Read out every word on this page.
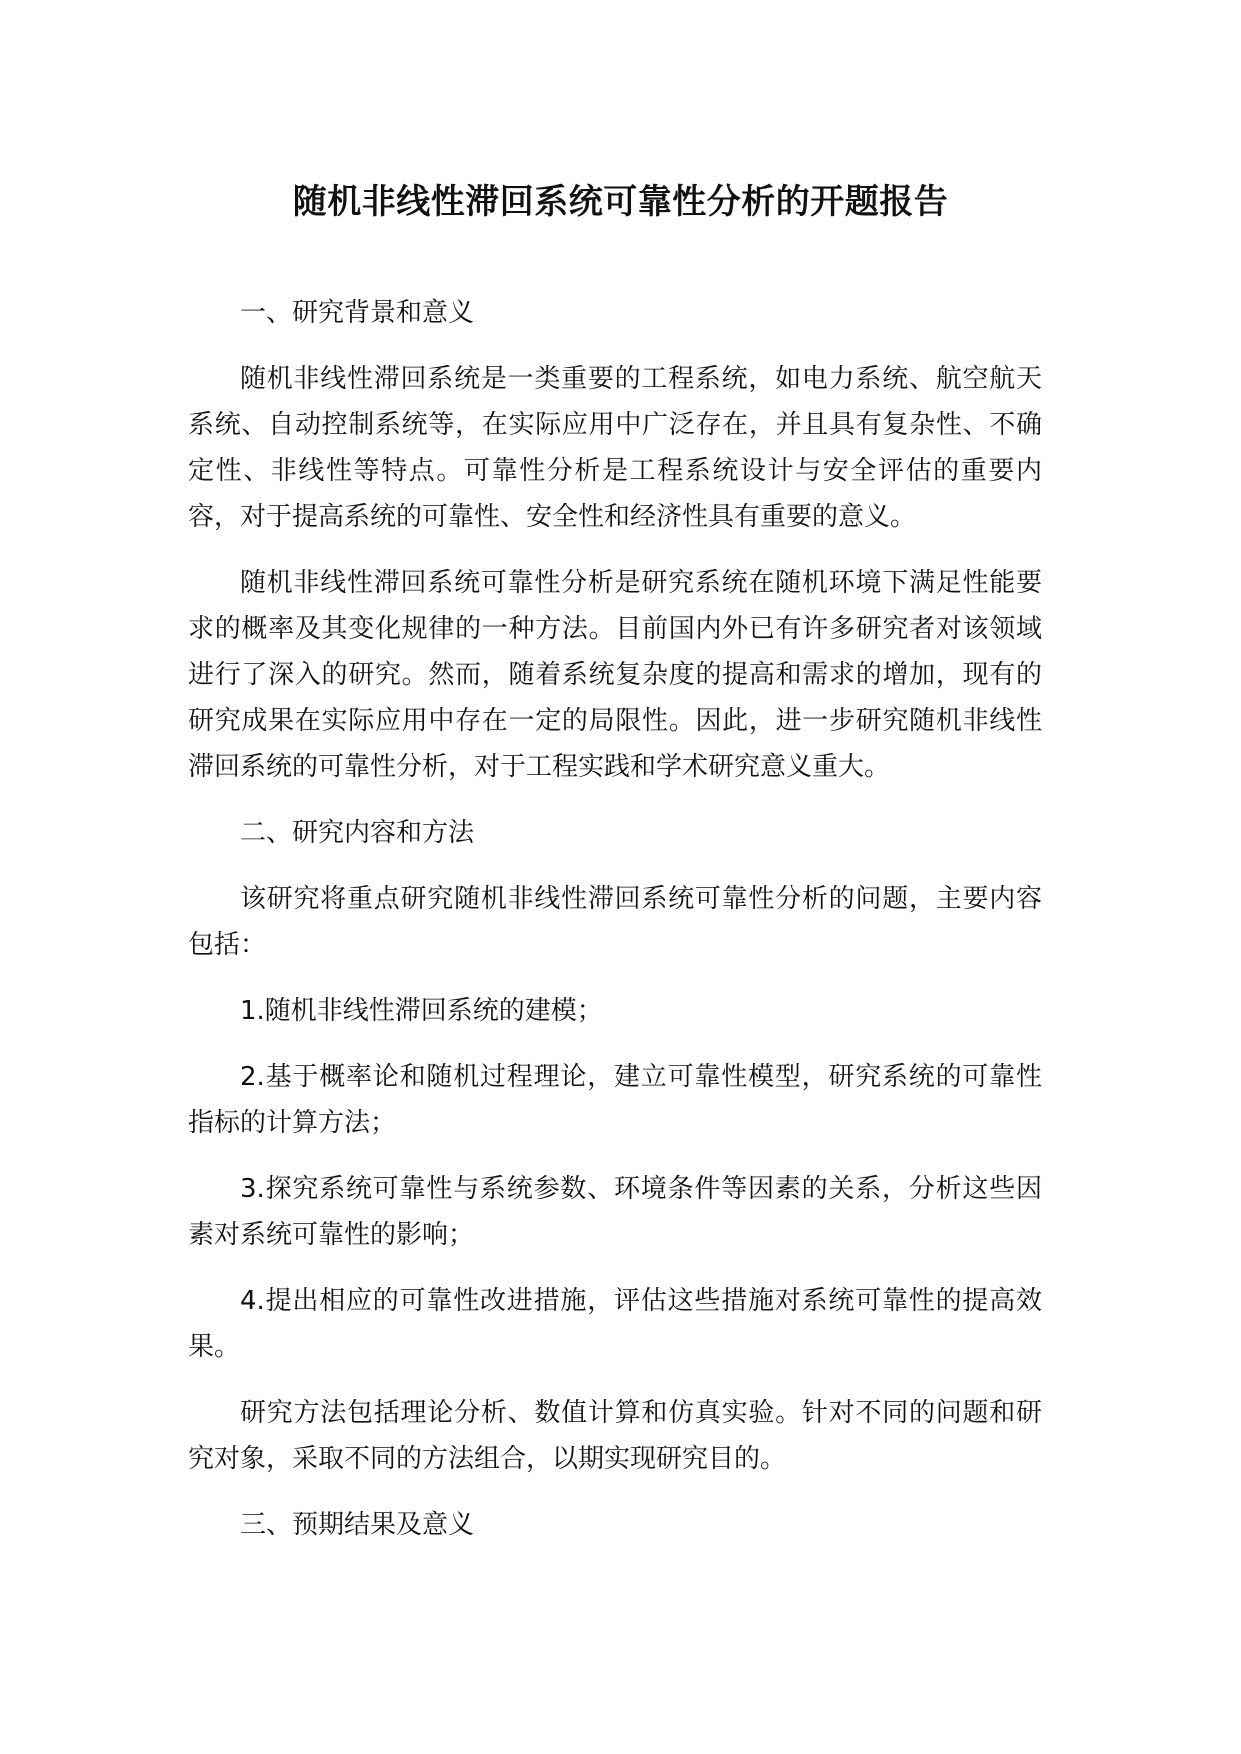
随机非线性滞回系统可靠性分析的开题报告

一、研究背景和意义

随机非线性滞回系统是一类重要的工程系统，如电力系统、航空航天系统、自动控制系统等，在实际应用中广泛存在，并且具有复杂性、不确定性、非线性等特点。可靠性分析是工程系统设计与安全评估的重要内容，对于提高系统的可靠性、安全性和经济性具有重要的意义。

随机非线性滞回系统可靠性分析是研究系统在随机环境下满足性能要求的概率及其变化规律的一种方法。目前国内外已有许多研究者对该领域进行了深入的研究。然而，随着系统复杂度的提高和需求的增加，现有的研究成果在实际应用中存在一定的局限性。因此，进一步研究随机非线性滞回系统的可靠性分析，对于工程实践和学术研究意义重大。

二、研究内容和方法

该研究将重点研究随机非线性滞回系统可靠性分析的问题，主要内容包括：

1.随机非线性滞回系统的建模；

2.基于概率论和随机过程理论，建立可靠性模型，研究系统的可靠性指标的计算方法；

3.探究系统可靠性与系统参数、环境条件等因素的关系，分析这些因素对系统可靠性的影响；

4.提出相应的可靠性改进措施，评估这些措施对系统可靠性的提高效果。

研究方法包括理论分析、数值计算和仿真实验。针对不同的问题和研究对象，采取不同的方法组合，以期实现研究目的。

三、预期结果及意义
